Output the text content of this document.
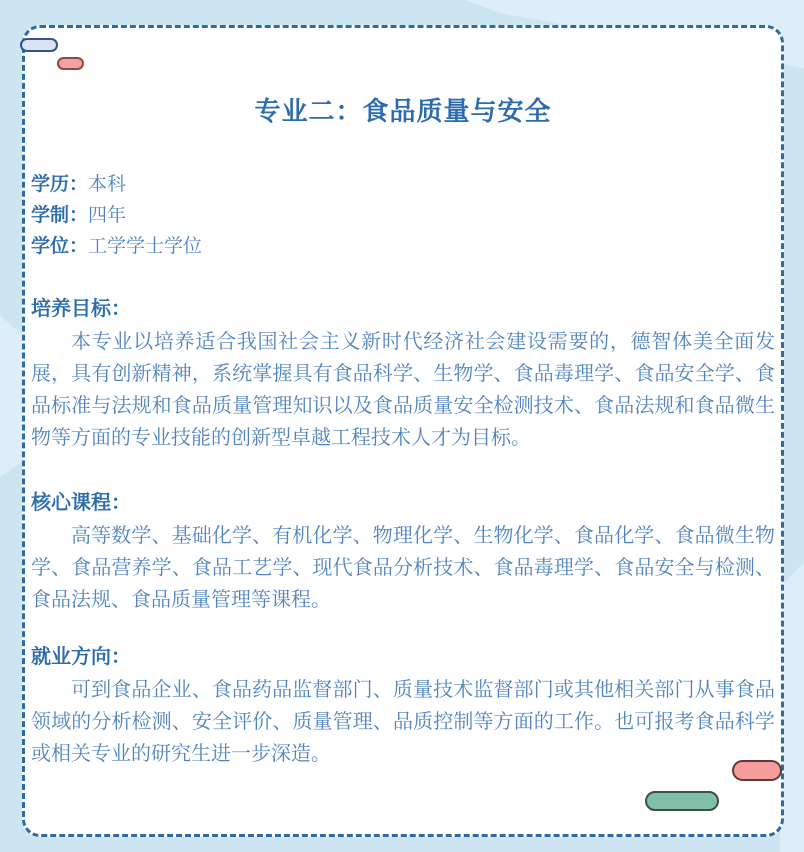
专业二：食品质量与安全
学历：本科
学制：四年
学位：工学学士学位
培养目标：

本专业以培养适合我国社会主义新时代经济社会建设需要的，德智体美全面发展，具有创新精神，系统掌握具有食品科学、生物学、食品毒理学、食品安全学、食品标准与法规和食品质量管理知识以及食品质量安全检测技术、食品法规和食品微生物等方面的专业技能的创新型卓越工程技术人才为目标。

核心课程：

高等数学、基础化学、有机化学、物理化学、生物化学、食品化学、食品微生物学、食品营养学、食品工艺学、现代食品分析技术、食品毒理学、食品安全与检测、食品法规、食品质量管理等课程。

就业方向：

可到食品企业、食品药品监督部门、质量技术监督部门或其他相关部门从事食品领域的分析检测、安全评价、质量管理、品质控制等方面的工作。也可报考食品科学或相关专业的研究生进一步深造。
